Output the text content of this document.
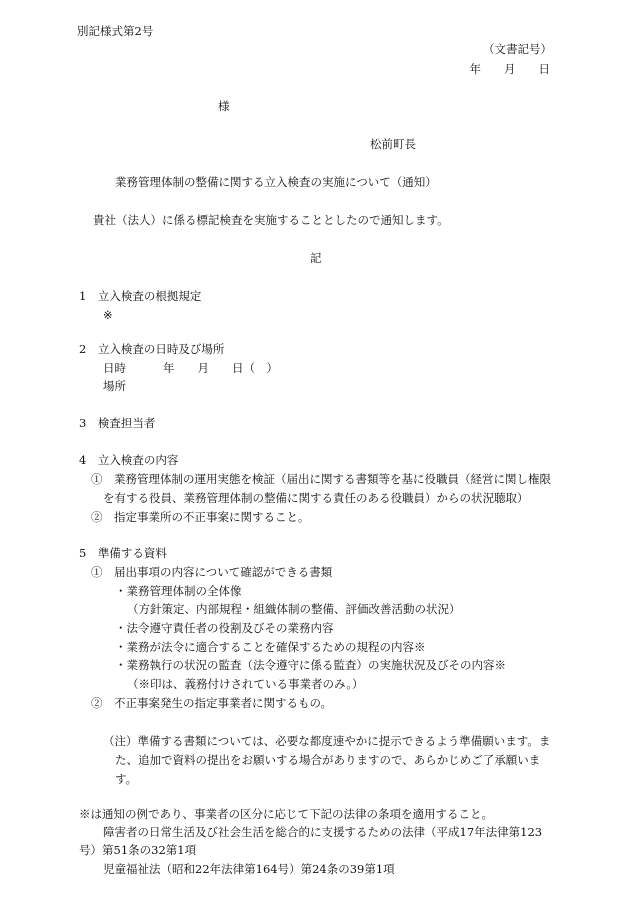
別記様式第2号
（文書記号）
年　　月　　日
様
松前町長
業務管理体制の整備に関する立入検査の実施について（通知）
貴社（法人）に係る標記検査を実施することとしたので通知します。
記
1　立入検査の根拠規定
※
2　立入検査の日時及び場所
日時	年　　月　　日（　）
場所
3　検査担当者
4　立入検査の内容
①　業務管理体制の運用実態を検証（届出に関する書類等を基に役職員（経営に関し権限
を有する役員、業務管理体制の整備に関する責任のある役職員）からの状況聴取）
②　指定事業所の不正事案に関すること。
5　準備する資料
①　届出事項の内容について確認ができる書類
・業務管理体制の全体像
（方針策定、内部規程・組織体制の整備、評価改善活動の状況）
・法令遵守責任者の役割及びその業務内容
・業務が法令に適合することを確保するための規程の内容※
・業務執行の状況の監査（法令遵守に係る監査）の実施状況及びその内容※
（※印は、義務付けされている事業者のみ。）
②　不正事案発生の指定事業者に関するもの。
（注）準備する書類については、必要な都度速やかに提示できるよう準備願います。ま
た、追加で資料の提出をお願いする場合がありますので、あらかじめご了承願いま
す。
※は通知の例であり、事業者の区分に応じて下記の法律の条項を適用すること。
障害者の日常生活及び社会生活を総合的に支援するための法律（平成17年法律第123
号）第51条の32第1項
児童福祉法（昭和22年法律第164号）第24条の39第1項
